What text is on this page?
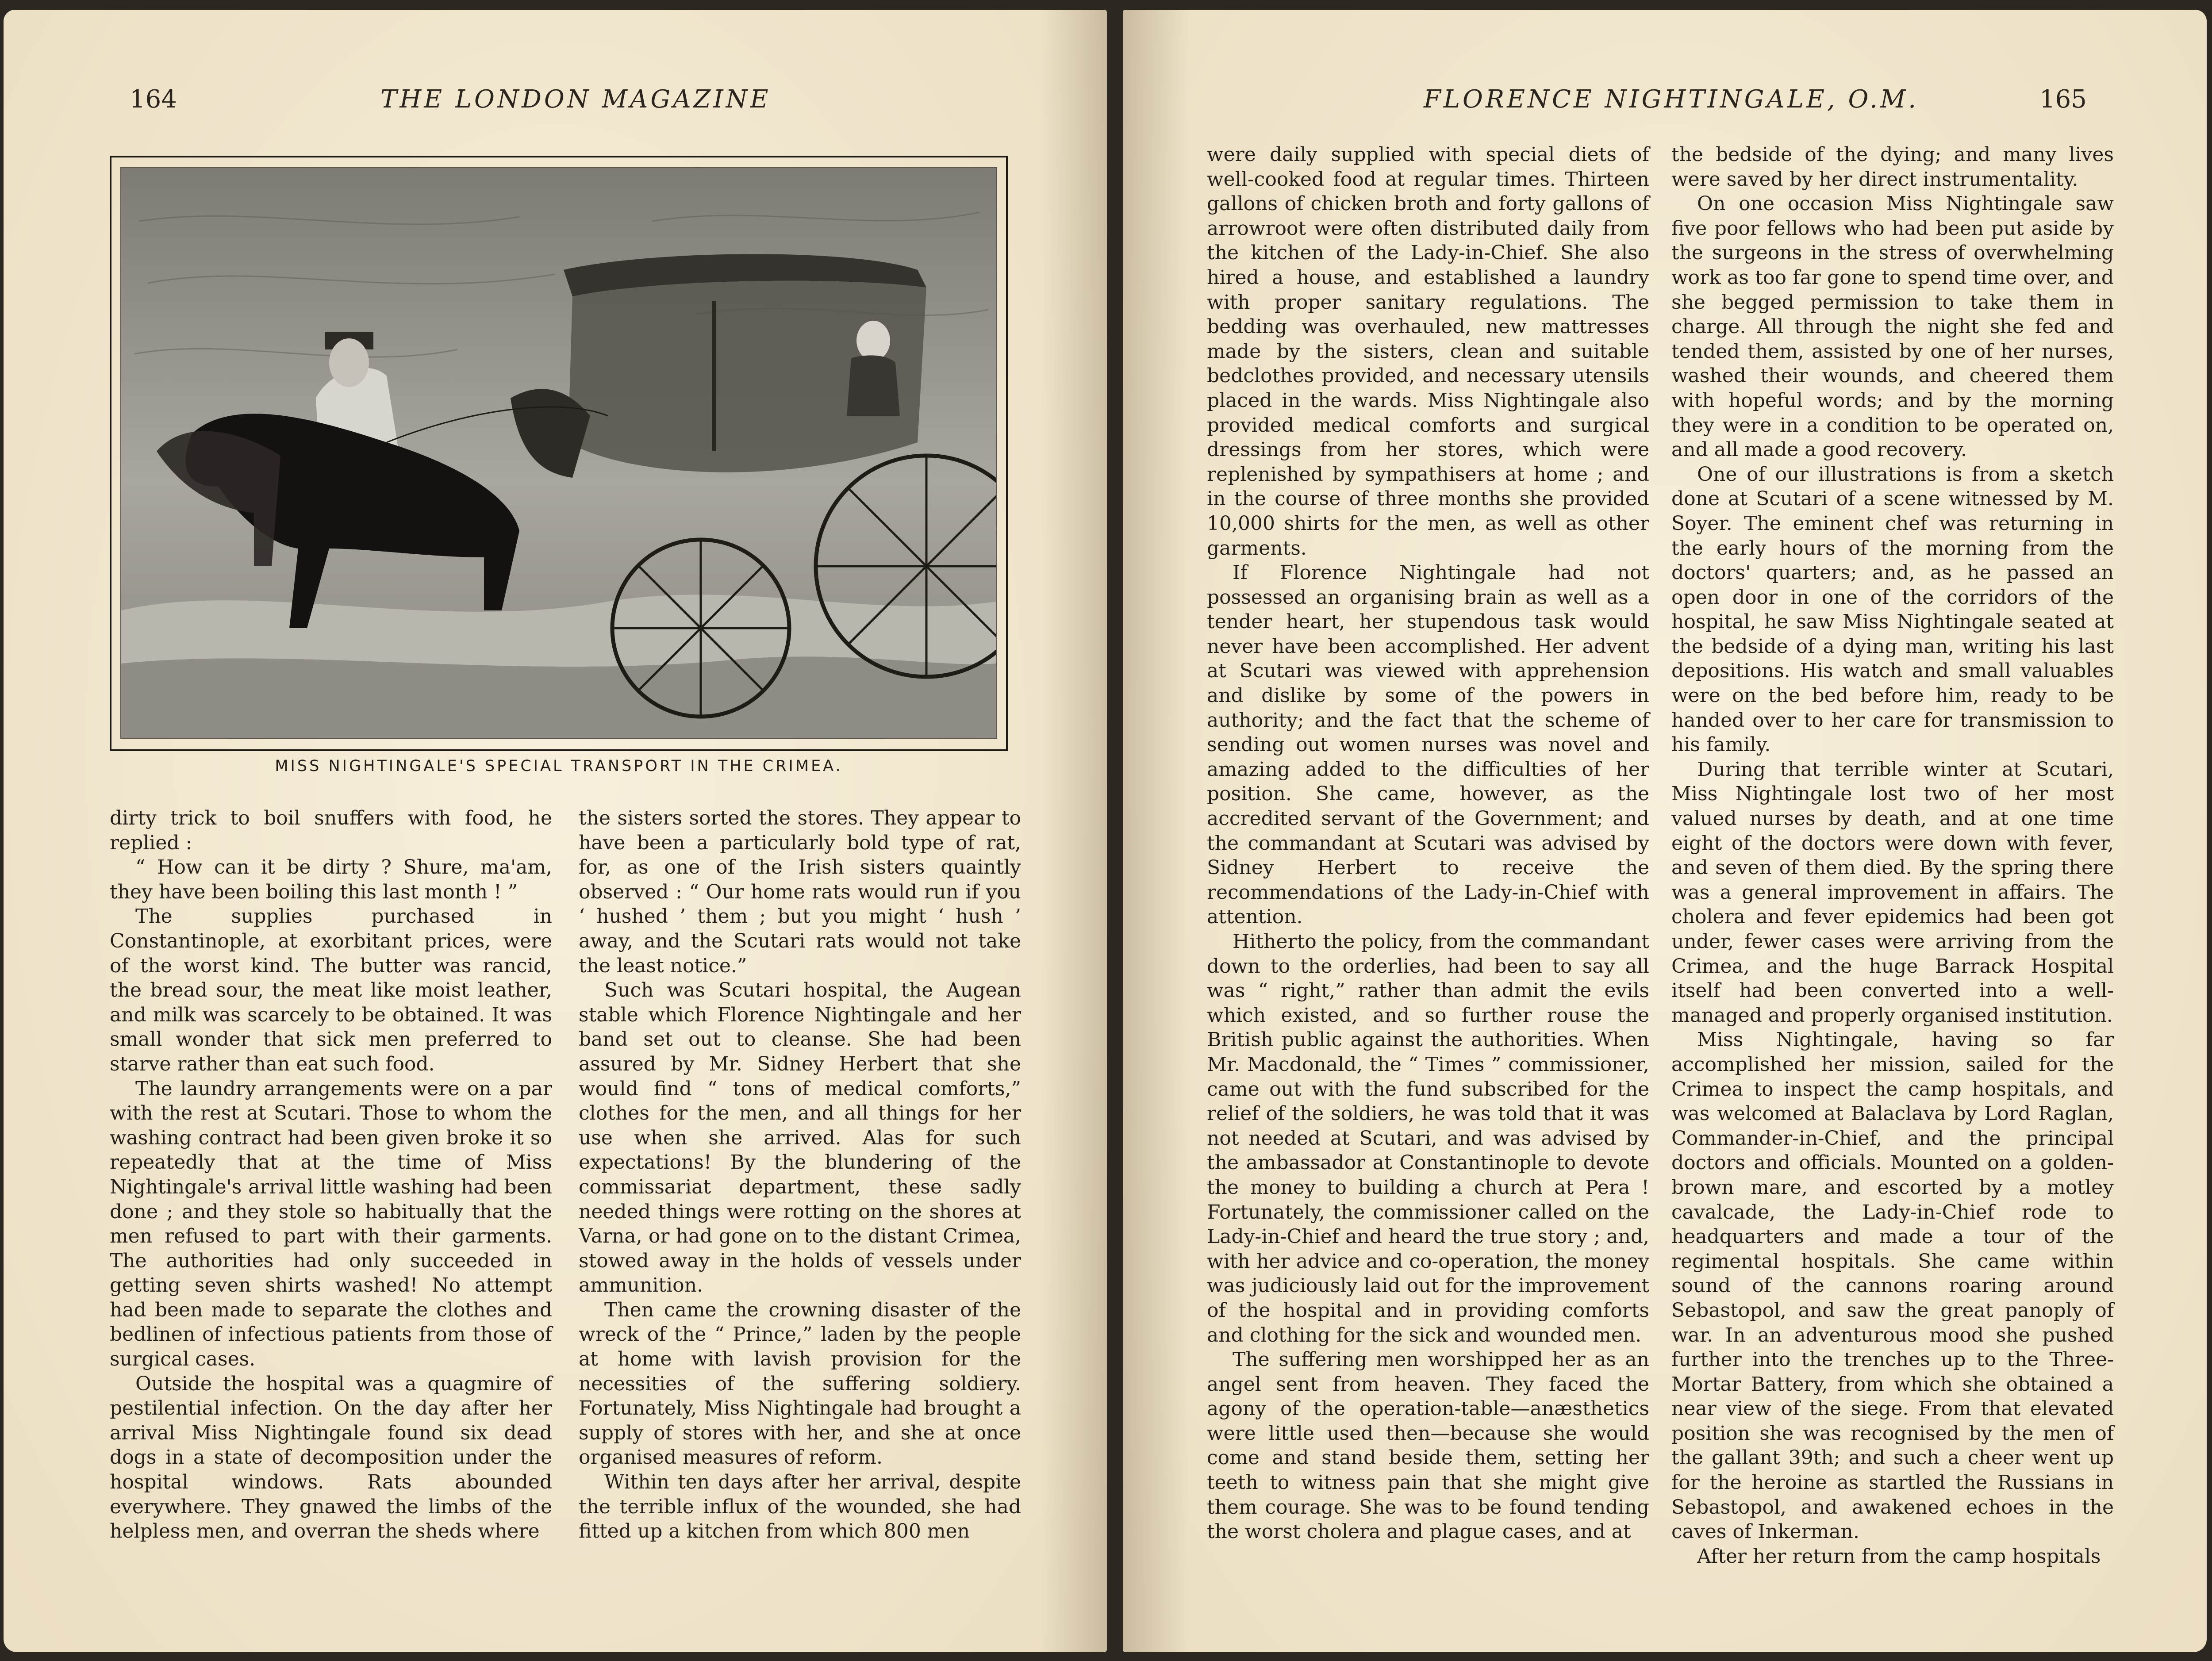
164	THE LONDON MAGAZINE
MISS NIGHTINGALE'S SPECIAL TRANSPORT IN THE CRIMEA.

dirty trick to boil snuffers with food, he replied :

“ How can it be dirty ? Shure, ma'am, they have been boiling this last month ! ”

The supplies purchased in Constantinople, at exorbitant prices, were of the worst kind. The butter was rancid, the bread sour, the meat like moist leather, and milk was scarcely to be obtained. It was small wonder that sick men preferred to starve rather than eat such food.

The laundry arrangements were on a par with the rest at Scutari. Those to whom the washing contract had been given broke it so repeatedly that at the time of Miss Nightingale's arrival little washing had been done ; and they stole so habitually that the men refused to part with their garments. The authorities had only succeeded in getting seven shirts washed! No attempt had been made to separate the clothes and bedlinen of infectious patients from those of surgical cases.

Outside the hospital was a quagmire of pestilential infection. On the day after her arrival Miss Nightingale found six dead dogs in a state of decomposition under the hospital windows. Rats abounded everywhere. They gnawed the limbs of the helpless men, and overran the sheds where

the sisters sorted the stores. They appear to have been a particularly bold type of rat, for, as one of the Irish sisters quaintly observed : “ Our home rats would run if you ‘ hushed ’ them ; but you might ‘ hush ’ away, and the Scutari rats would not take the least notice.”

Such was Scutari hospital, the Augean stable which Florence Nightingale and her band set out to cleanse. She had been assured by Mr. Sidney Herbert that she would find “ tons of medical comforts,” clothes for the men, and all things for her use when she arrived. Alas for such expectations! By the blundering of the commissariat department, these sadly needed things were rotting on the shores at Varna, or had gone on to the distant Crimea, stowed away in the holds of vessels under ammunition.

Then came the crowning disaster of the wreck of the “ Prince,” laden by the people at home with lavish provision for the necessities of the suffering soldiery. Fortunately, Miss Nightingale had brought a supply of stores with her, and she at once organised measures of reform.

Within ten days after her arrival, despite the terrible influx of the wounded, she had fitted up a kitchen from which 800 men

FLORENCE NIGHTINGALE, O.M.	165

were daily supplied with special diets of well-cooked food at regular times. Thirteen gallons of chicken broth and forty gallons of arrowroot were often distributed daily from the kitchen of the Lady-in-Chief. She also hired a house, and established a laundry with proper sanitary regulations. The bedding was overhauled, new mattresses made by the sisters, clean and suitable bedclothes provided, and necessary utensils placed in the wards. Miss Nightingale also provided medical comforts and surgical dressings from her stores, which were replenished by sympathisers at home ; and in the course of three months she provided 10,000 shirts for the men, as well as other garments.

If Florence Nightingale had not possessed an organising brain as well as a tender heart, her stupendous task would never have been accomplished. Her advent at Scutari was viewed with apprehension and dislike by some of the powers in authority; and the fact that the scheme of sending out women nurses was novel and amazing added to the difficulties of her position. She came, however, as the accredited servant of the Government; and the commandant at Scutari was advised by Sidney Herbert to receive the recommendations of the Lady-in-Chief with attention.

Hitherto the policy, from the commandant down to the orderlies, had been to say all was “ right,” rather than admit the evils which existed, and so further rouse the British public against the authorities. When Mr. Macdonald, the “ Times ” commissioner, came out with the fund subscribed for the relief of the soldiers, he was told that it was not needed at Scutari, and was advised by the ambassador at Constantinople to devote the money to building a church at Pera ! Fortunately, the commissioner called on the Lady-in-Chief and heard the true story ; and, with her advice and co-operation, the money was judiciously laid out for the improvement of the hospital and in providing comforts and clothing for the sick and wounded men.

The suffering men worshipped her as an angel sent from heaven. They faced the agony of the operation-table—anæsthetics were little used then—because she would come and stand beside them, setting her teeth to witness pain that she might give them courage. She was to be found tending the worst cholera and plague cases, and at

the bedside of the dying; and many lives were saved by her direct instrumentality.

On one occasion Miss Nightingale saw five poor fellows who had been put aside by the surgeons in the stress of overwhelming work as too far gone to spend time over, and she begged permission to take them in charge. All through the night she fed and tended them, assisted by one of her nurses, washed their wounds, and cheered them with hopeful words; and by the morning they were in a condition to be operated on, and all made a good recovery.

One of our illustrations is from a sketch done at Scutari of a scene witnessed by M. Soyer. The eminent chef was returning in the early hours of the morning from the doctors' quarters; and, as he passed an open door in one of the corridors of the hospital, he saw Miss Nightingale seated at the bedside of a dying man, writing his last depositions. His watch and small valuables were on the bed before him, ready to be handed over to her care for transmission to his family.

During that terrible winter at Scutari, Miss Nightingale lost two of her most valued nurses by death, and at one time eight of the doctors were down with fever, and seven of them died. By the spring there was a general improvement in affairs. The cholera and fever epidemics had been got under, fewer cases were arriving from the Crimea, and the huge Barrack Hospital itself had been converted into a well-managed and properly organised institution.

Miss Nightingale, having so far accomplished her mission, sailed for the Crimea to inspect the camp hospitals, and was welcomed at Balaclava by Lord Raglan, Commander-in-Chief, and the principal doctors and officials. Mounted on a golden-brown mare, and escorted by a motley cavalcade, the Lady-in-Chief rode to headquarters and made a tour of the regimental hospitals. She came within sound of the cannons roaring around Sebastopol, and saw the great panoply of war. In an adventurous mood she pushed further into the trenches up to the Three-Mortar Battery, from which she obtained a near view of the siege. From that elevated position she was recognised by the men of the gallant 39th; and such a cheer went up for the heroine as startled the Russians in Sebastopol, and awakened echoes in the caves of Inkerman.

After her return from the camp hospitals
